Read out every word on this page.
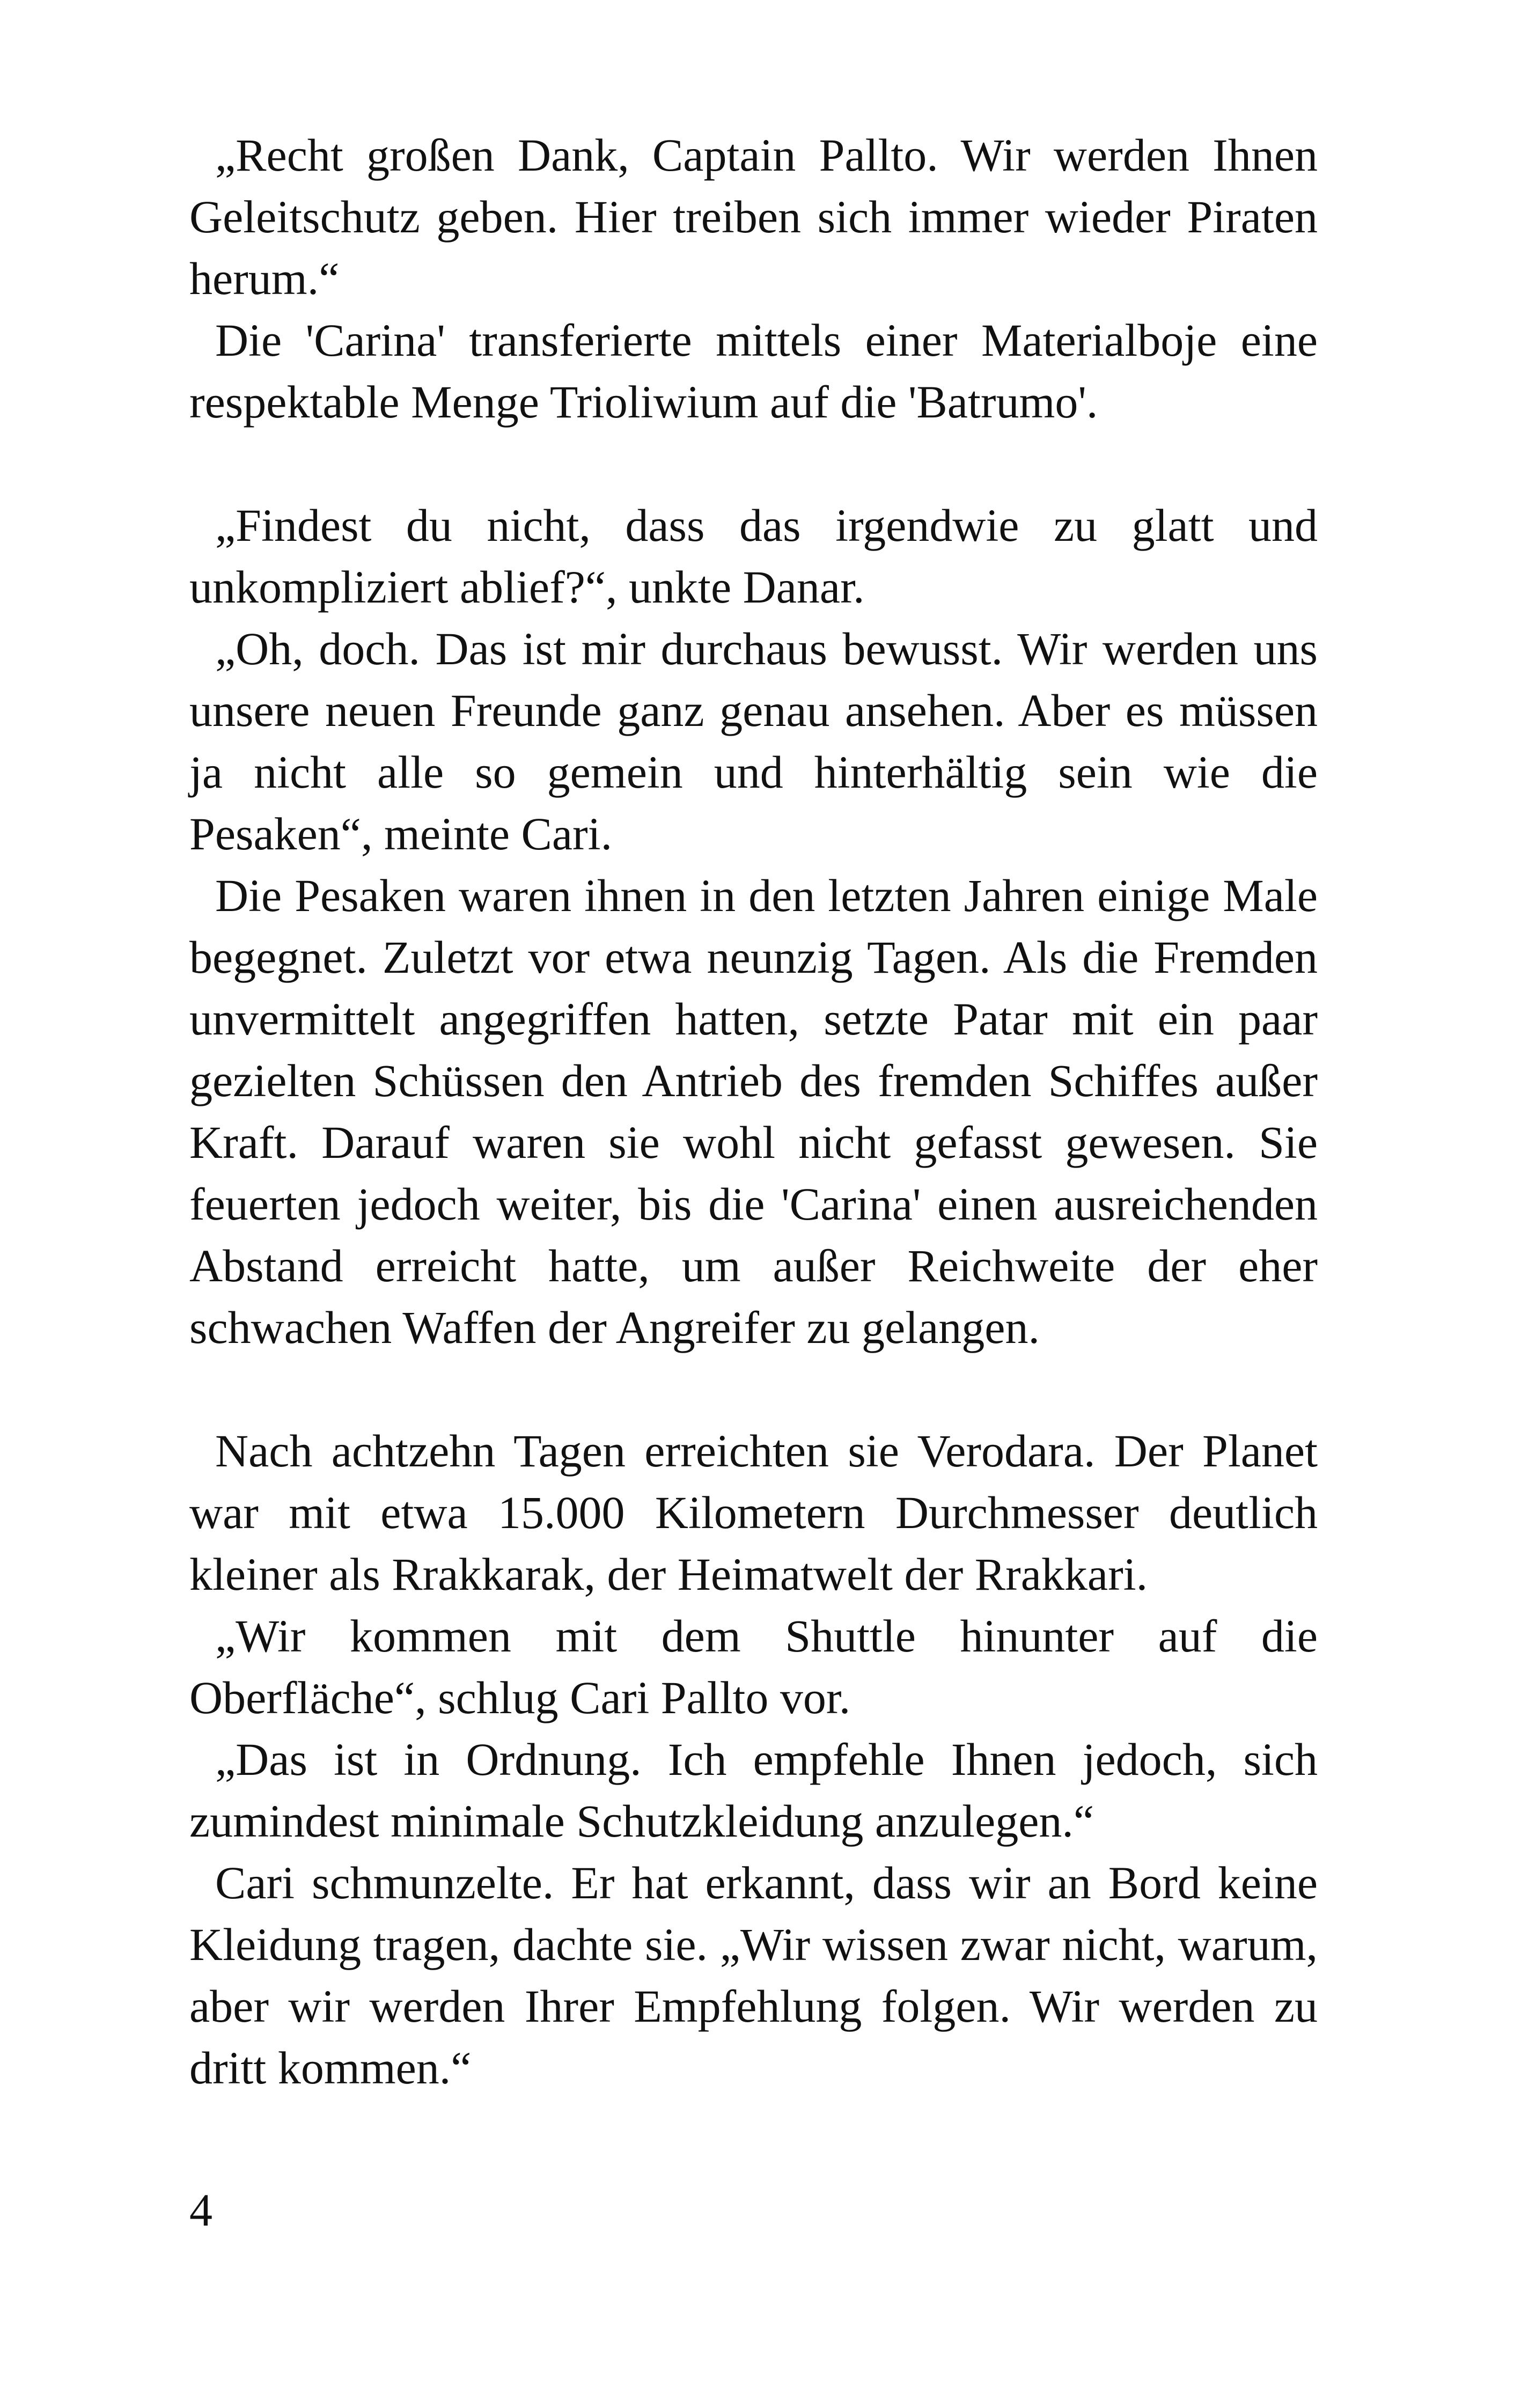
„Recht großen Dank, Captain Pallto. Wir werden Ihnen Geleitschutz geben. Hier treiben sich immer wieder Piraten herum.“

Die 'Carina' transferierte mittels einer Materialboje eine respektable Menge Trioliwium auf die 'Batrumo'.

„Findest du nicht, dass das irgendwie zu glatt und unkompliziert ablief?“, unkte Danar.

„Oh, doch. Das ist mir durchaus bewusst. Wir werden uns unsere neuen Freunde ganz genau ansehen. Aber es müssen ja nicht alle so gemein und hinterhältig sein wie die Pesaken“, meinte Cari.

Die Pesaken waren ihnen in den letzten Jahren einige Male begegnet. Zuletzt vor etwa neunzig Tagen. Als die Fremden unvermittelt angegriffen hatten, setzte Patar mit ein paar gezielten Schüssen den Antrieb des fremden Schiffes außer Kraft. Darauf waren sie wohl nicht gefasst gewesen. Sie feuerten jedoch weiter, bis die 'Carina' einen ausreichenden Abstand erreicht hatte, um außer Reichweite der eher schwachen Waffen der Angreifer zu gelangen.

Nach achtzehn Tagen erreichten sie Verodara. Der Planet war mit etwa 15.000 Kilometern Durchmesser deutlich kleiner als Rrakkarak, der Heimatwelt der Rrakkari.

„Wir kommen mit dem Shuttle hinunter auf die Oberfläche“, schlug Cari Pallto vor.

„Das ist in Ordnung. Ich empfehle Ihnen jedoch, sich zumindest minimale Schutzkleidung anzulegen.“

Cari schmunzelte. Er hat erkannt, dass wir an Bord keine Kleidung tragen, dachte sie. „Wir wissen zwar nicht, warum, aber wir werden Ihrer Empfehlung folgen. Wir werden zu dritt kommen.“

4
